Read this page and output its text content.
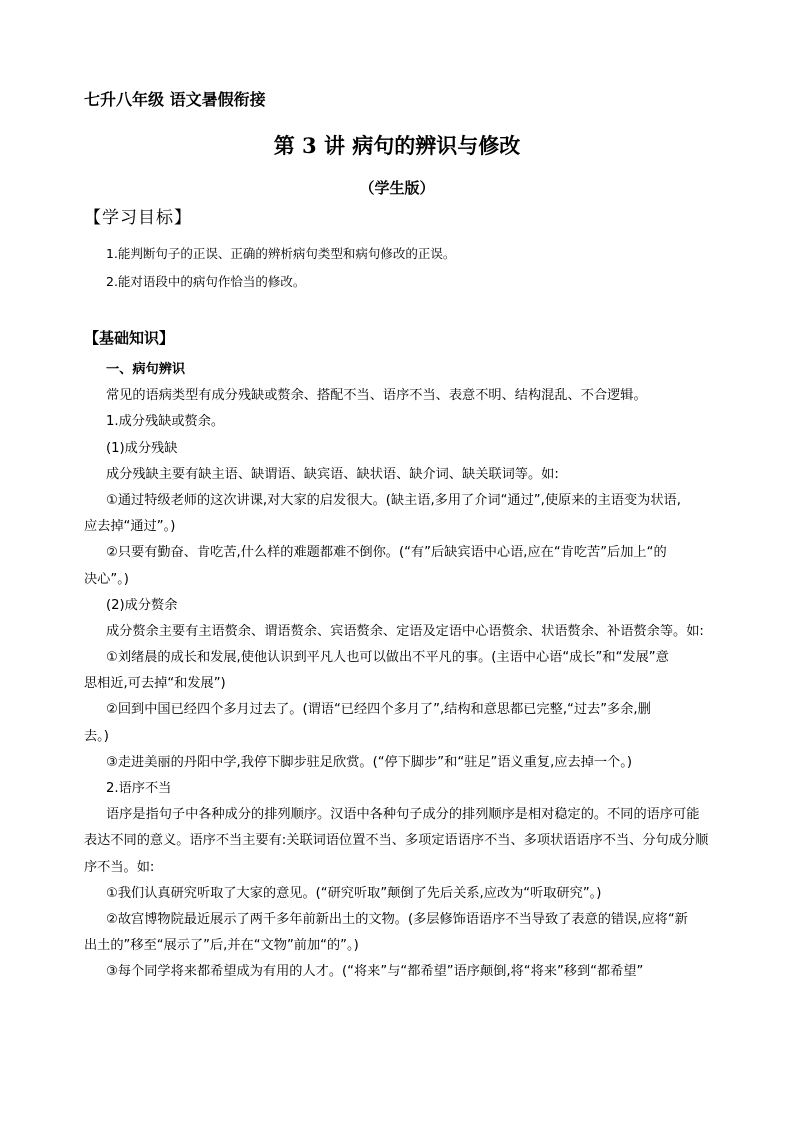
七升八年级 语文暑假衔接
第 3 讲 病句的辨识与修改
（学生版）
【学习目标】
1.能判断句子的正误、正确的辨析病句类型和病句修改的正误。
2.能对语段中的病句作恰当的修改。
【基础知识】
一、病句辨识
常见的语病类型有成分残缺或赘余、搭配不当、语序不当、表意不明、结构混乱、不合逻辑。
1.成分残缺或赘余。
(1)成分残缺
成分残缺主要有缺主语、缺谓语、缺宾语、缺状语、缺介词、缺关联词等。如:
①通过特级老师的这次讲课,对大家的启发很大。(缺主语,多用了介词“通过”,使原来的主语变为状语,
应去掉“通过”。)
②只要有勤奋、肯吃苦,什么样的难题都难不倒你。(“有”后缺宾语中心语,应在“肯吃苦”后加上“的
决心”。)
(2)成分赘余
成分赘余主要有主语赘余、谓语赘余、宾语赘余、定语及定语中心语赘余、状语赘余、补语赘余等。如:
①刘绪晨的成长和发展,使他认识到平凡人也可以做出不平凡的事。(主语中心语“成长”和“发展”意
思相近,可去掉“和发展”)
②回到中国已经四个多月过去了。(谓语“已经四个多月了”,结构和意思都已完整,“过去”多余,删
去。)
③走进美丽的丹阳中学,我停下脚步驻足欣赏。(“停下脚步”和“驻足”语义重复,应去掉一个。)
2.语序不当
语序是指句子中各种成分的排列顺序。汉语中各种句子成分的排列顺序是相对稳定的。不同的语序可能
表达不同的意义。语序不当主要有:关联词语位置不当、多项定语语序不当、多项状语语序不当、分句成分顺
序不当。如:
①我们认真研究听取了大家的意见。(“研究听取”颠倒了先后关系,应改为“听取研究”。)
②故宫博物院最近展示了两千多年前新出土的文物。(多层修饰语语序不当导致了表意的错误,应将“新
出土的”移至“展示了”后,并在“文物”前加“的”。)
③每个同学将来都希望成为有用的人才。(“将来”与“都希望”语序颠倒,将“将来”移到“都希望”
